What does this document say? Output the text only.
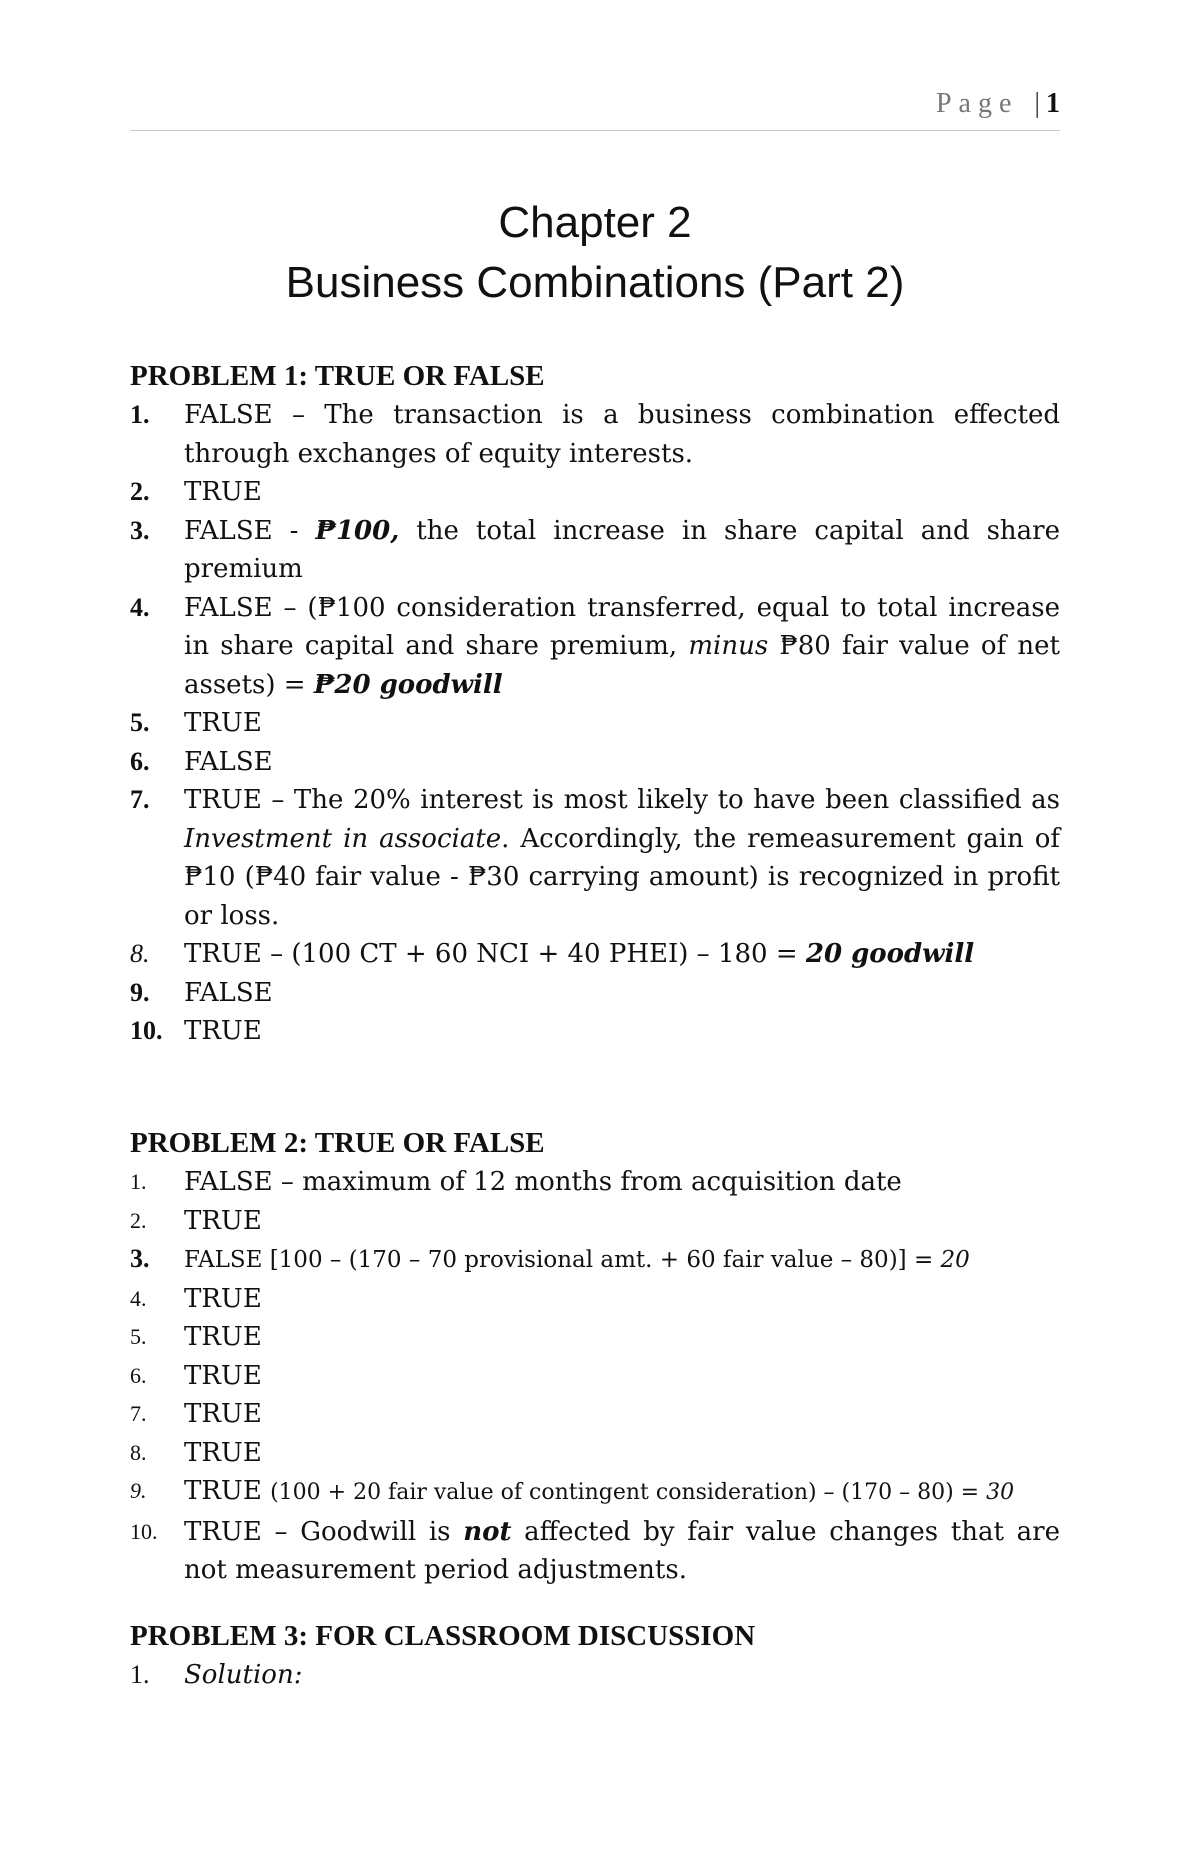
Page | 1
Chapter 2
Business Combinations (Part 2)
PROBLEM 1: TRUE OR FALSE
1. FALSE – The transaction is a business combination effected through exchanges of equity interests.
2. TRUE
3. FALSE - ₱100, the total increase in share capital and share premium
4. FALSE – (₱100 consideration transferred, equal to total increase in share capital and share premium, minus ₱80 fair value of net assets) = ₱20 goodwill
5. TRUE
6. FALSE
7. TRUE – The 20% interest is most likely to have been classified as Investment in associate. Accordingly, the remeasurement gain of ₱10 (₱40 fair value - ₱30 carrying amount) is recognized in profit or loss.
8. TRUE – (100 CT + 60 NCI + 40 PHEI) – 180 = 20 goodwill
9. FALSE
10. TRUE
PROBLEM 2: TRUE OR FALSE
1. FALSE – maximum of 12 months from acquisition date
2. TRUE
3. FALSE [100 – (170 – 70 provisional amt. + 60 fair value – 80)] = 20
4. TRUE
5. TRUE
6. TRUE
7. TRUE
8. TRUE
9. TRUE (100 + 20 fair value of contingent consideration) – (170 – 80) = 30
10. TRUE – Goodwill is not affected by fair value changes that are not measurement period adjustments.
PROBLEM 3: FOR CLASSROOM DISCUSSION
1. Solution:
